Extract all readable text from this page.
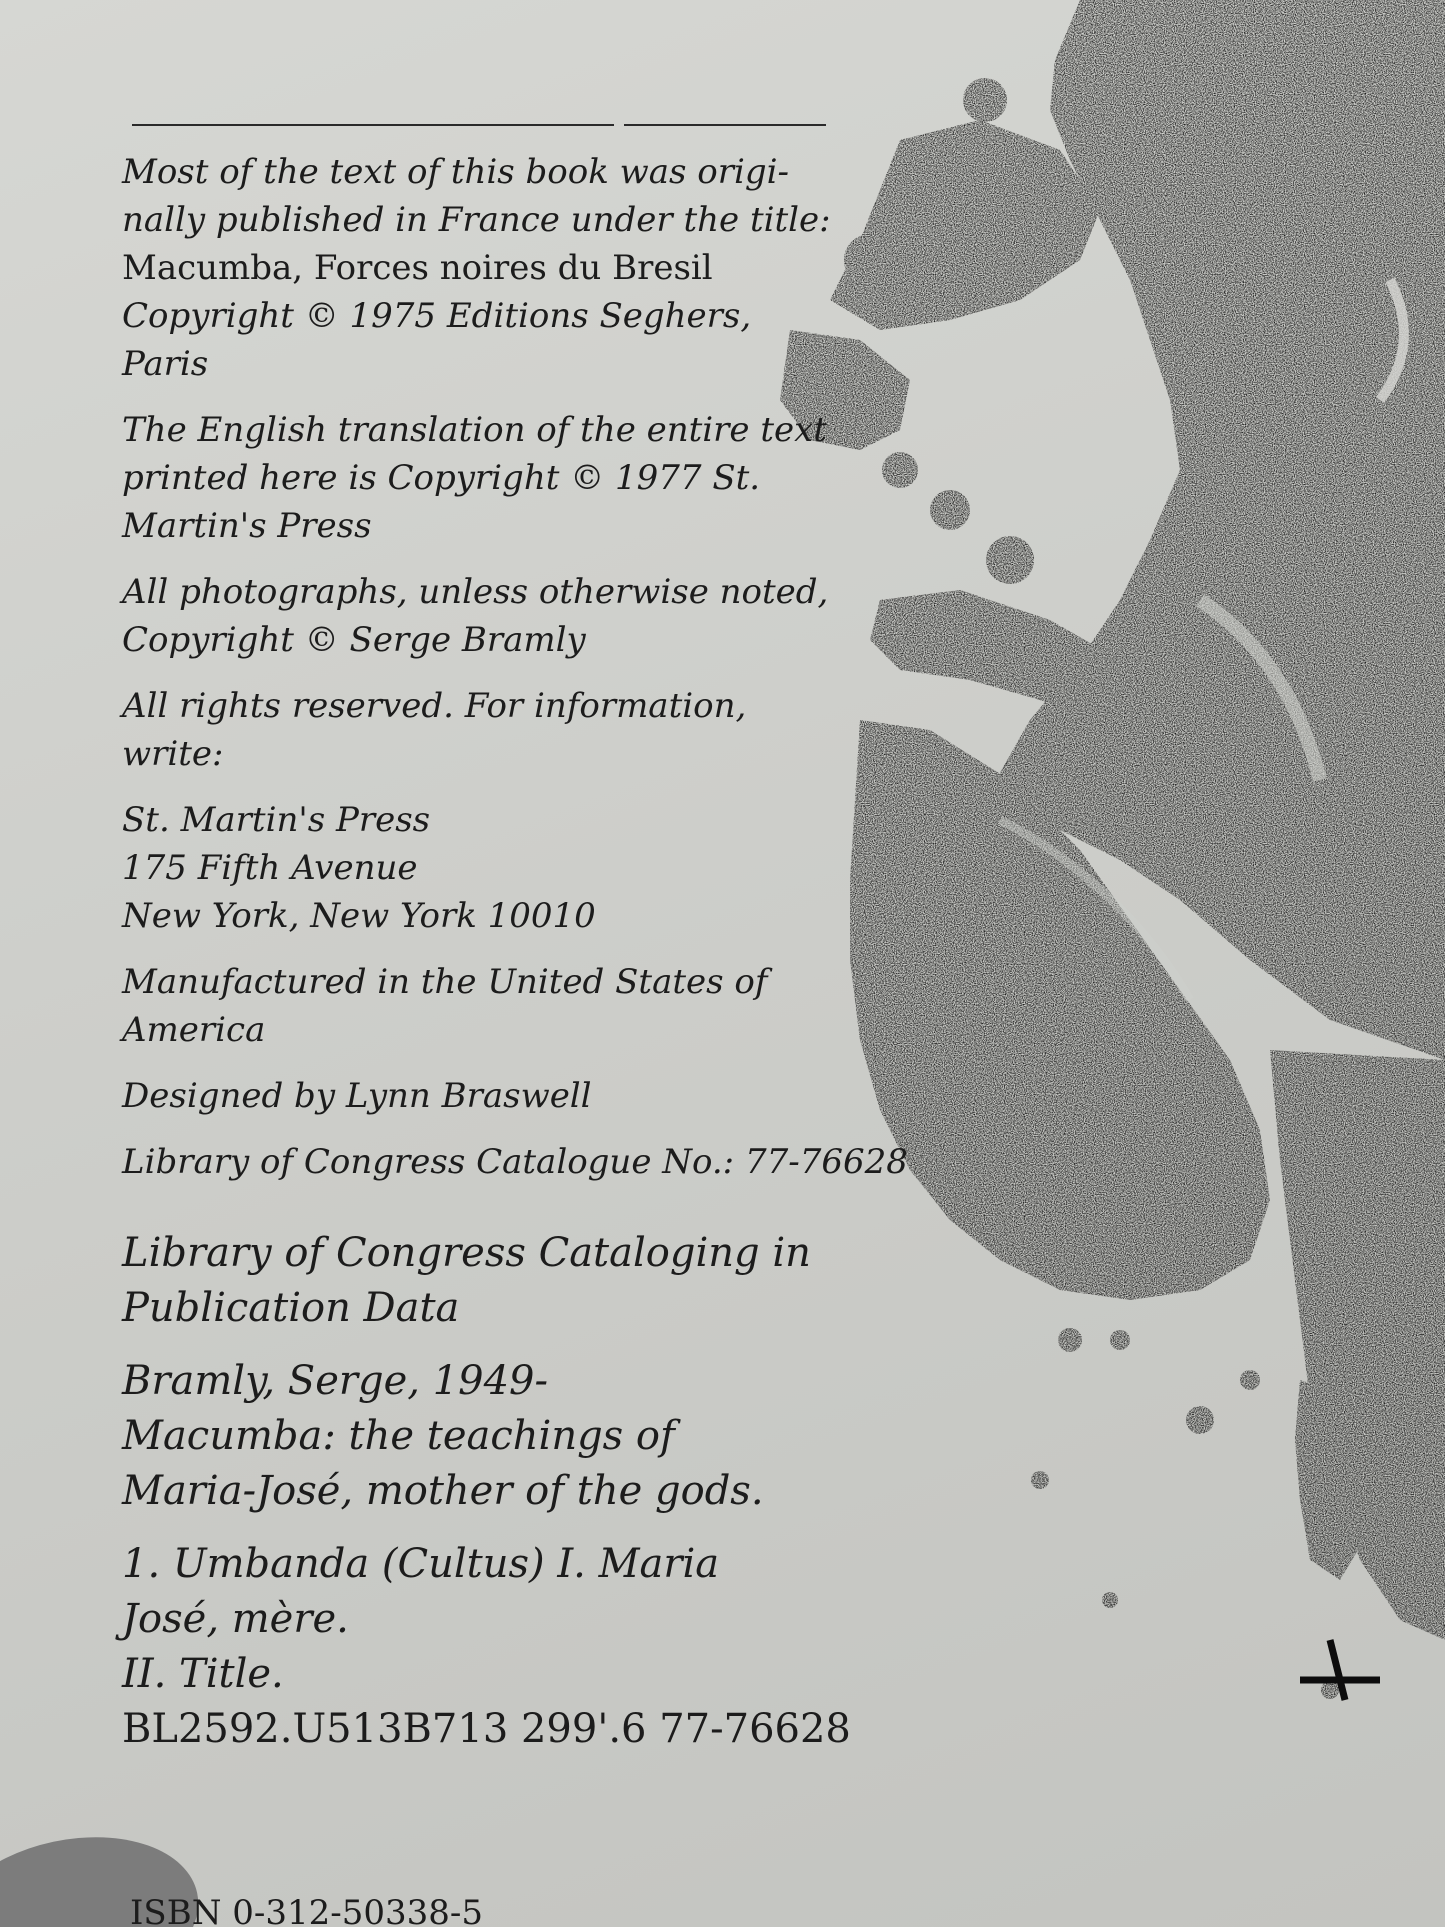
Most of the text of this book was origi-
nally published in France under the title:
Macumba, Forces noires du Bresil
Copyright © 1975 Editions Seghers,
Paris

The English translation of the entire text
printed here is Copyright © 1977 St.
Martin's Press

All photographs, unless otherwise noted,
Copyright © Serge Bramly

All rights reserved. For information,
write:

St. Martin's Press
175 Fifth Avenue
New York, New York 10010

Manufactured in the United States of
America

Designed by Lynn Braswell

Library of Congress Catalogue No.: 77-76628

Library of Congress Cataloging in
Publication Data

Bramly, Serge, 1949-
Macumba: the teachings of
Maria-José, mother of the gods.

1. Umbanda (Cultus) I. Maria
José, mère.
II. Title.
BL2592.U513B713 299'.6 77-76628

ISBN 0-312-50338-5
